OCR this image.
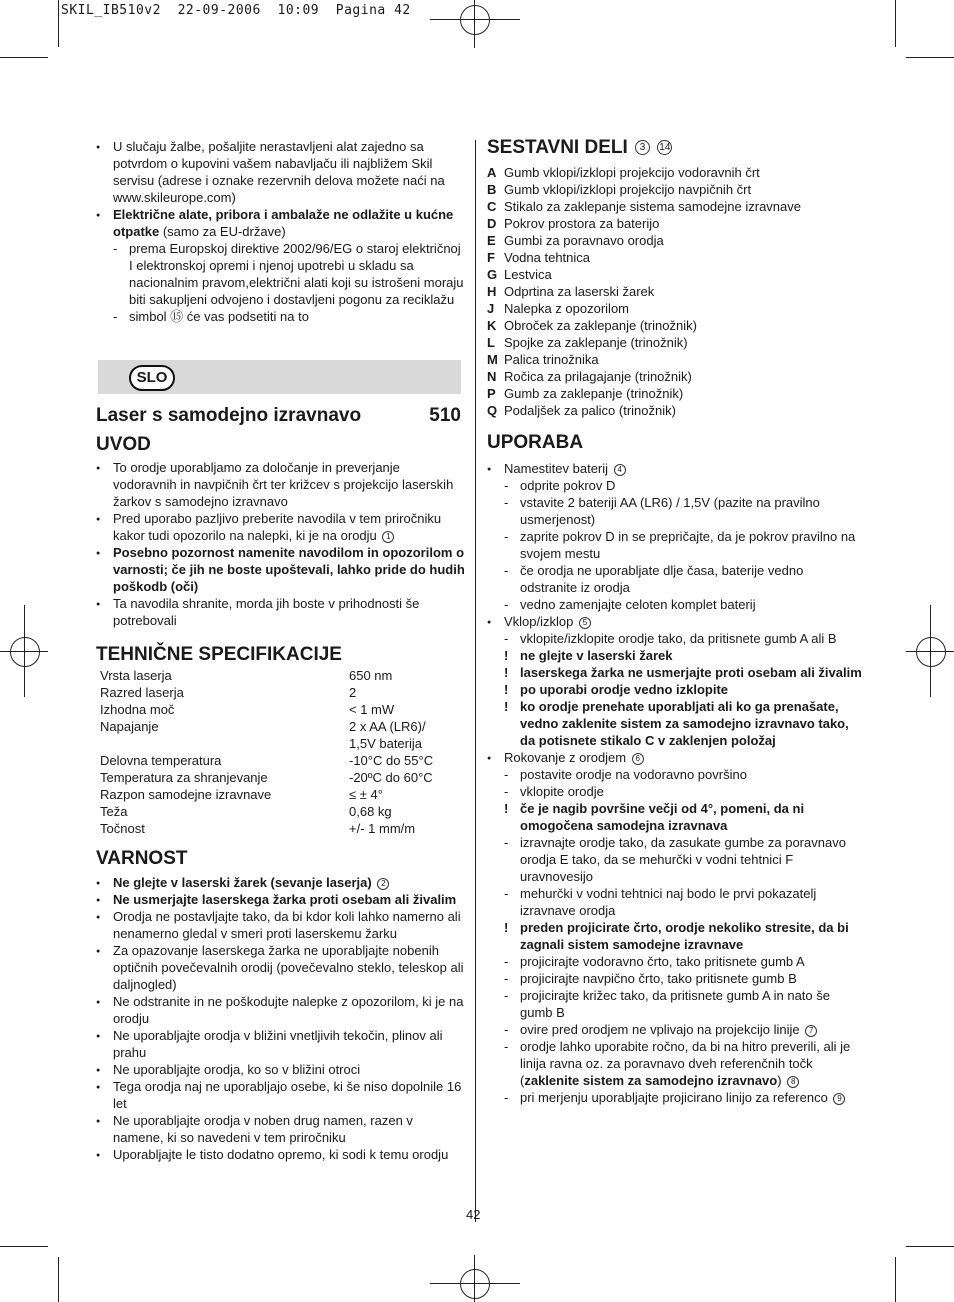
SKIL_IB510v2  22-09-2006  10:09  Pagina 42
● U slučaju žalbe, pošaljite nerastavljeni alat zajedno sa potvrdom o kupovini vašem nabavljaču ili najbližem Skil servisu (adrese i oznake rezervnih delova možete naći na www.skileurope.com)
● Električne alate, pribora i ambalaže ne odlažite u kućne otpatke (samo za EU-države)
- prema Europskoj direktive 2002/96/EG o staroj električnoj I elektronskoj opremi i njenoj upotrebi u skladu sa nacionalnim pravom,električni alati koji su istrošeni moraju biti sakupljeni odvojeno i dostavljeni pogonu za reciklažu
- simbol ⑮ će vas podsetiti na to
SLO
Laser s samodejno izravnavo	510
UVOD
● To orodje uporabljamo za določanje in preverjanje vodoravnih in navpičnih črt ter križcev s projekcijo laserskih žarkov s samodejno izravnavo
● Pred uporabo pazljivo preberite navodila v tem priročniku kakor tudi opozorilo na nalepki, ki je na orodju 1
● Posebno pozornost namenite navodilom in opozorilom o varnosti; če jih ne boste upoštevali, lahko pride do hudih poškodb (oči)
● Ta navodila shranite, morda jih boste v prihodnosti še potrebovali
TEHNIČNE SPECIFIKACIJE
Vrsta laserja	650 nm
Razred laserja	2
Izhodna moč	< 1 mW
Napajanje	2 x AA (LR6)/
1,5V baterija
Delovna temperatura	-10°C do 55°C
Temperatura za shranjevanje	-20ºC do 60°C
Razpon samodejne izravnave	≤ ± 4°
Teža	0,68 kg
Točnost	+/- 1 mm/m
VARNOST
● Ne glejte v laserski žarek (sevanje laserja) 2
● Ne usmerjajte laserskega žarka proti osebam ali živalim
● Orodja ne postavljajte tako, da bi kdor koli lahko namerno ali nenamerno gledal v smeri proti laserskemu žarku
● Za opazovanje laserskega žarka ne uporabljajte nobenih optičnih povečevalnih orodij (povečevalno steklo, teleskop ali daljnogled)
● Ne odstranite in ne poškodujte nalepke z opozorilom, ki je na orodju
● Ne uporabljajte orodja v bližini vnetljivih tekočin, plinov ali prahu
● Ne uporabljajte orodja, ko so v bližini otroci
● Tega orodja naj ne uporabljajo osebe, ki še niso dopolnile 16 let
● Ne uporabljajte orodja v noben drug namen, razen v namene, ki so navedeni v tem priročniku
● Uporabljajte le tisto dodatno opremo, ki sodi k temu orodju
SESTAVNI DELI 3 14
A Gumb vklopi/izklopi projekcijo vodoravnih črt
B Gumb vklopi/izklopi projekcijo navpičnih črt
C Stikalo za zaklepanje sistema samodejne izravnave
D Pokrov prostora za baterijo
E Gumbi za poravnavo orodja
F Vodna tehtnica
G Lestvica
H Odprtina za laserski žarek
J Nalepka z opozorilom
K Obroček za zaklepanje (trinožnik)
L Spojke za zaklepanje (trinožnik)
M Palica trinožnika
N Ročica za prilagajanje (trinožnik)
P Gumb za zaklepanje (trinožnik)
Q Podaljšek za palico (trinožnik)
UPORABA
● Namestitev baterij 4
- odprite pokrov D
- vstavite 2 bateriji AA (LR6) / 1,5V (pazite na pravilno usmerjenost)
- zaprite pokrov D in se prepričajte, da je pokrov pravilno na svojem mestu
- če orodja ne uporabljate dlje časa, baterije vedno odstranite iz orodja
- vedno zamenjajte celoten komplet baterij
● Vklop/izklop 5
- vklopite/izklopite orodje tako, da pritisnete gumb A ali B
! ne glejte v laserski žarek
! laserskega žarka ne usmerjajte proti osebam ali živalim
! po uporabi orodje vedno izklopite
! ko orodje prenehate uporabljati ali ko ga prenašate, vedno zaklenite sistem za samodejno izravnavo tako, da potisnete stikalo C v zaklenjen položaj
● Rokovanje z orodjem 6
- postavite orodje na vodoravno površino
- vklopite orodje
! če je nagib površine večji od 4°, pomeni, da ni omogočena samodejna izravnava
- izravnajte orodje tako, da zasukate gumbe za poravnavo orodja E tako, da se mehurčki v vodni tehtnici F uravnovesijo
- mehurčki v vodni tehtnici naj bodo le prvi pokazatelj izravnave orodja
! preden projicirate črto, orodje nekoliko stresite, da bi zagnali sistem samodejne izravnave
- projicirajte vodoravno črto, tako pritisnete gumb A
- projicirajte navpično črto, tako pritisnete gumb B
- projicirajte križec tako, da pritisnete gumb A in nato še gumb B
- ovire pred orodjem ne vplivajo na projekcijo linije 7
- orodje lahko uporabite ročno, da bi na hitro preverili, ali je linija ravna oz. za poravnavo dveh referenčnih točk (zaklenite sistem za samodejno izravnavo) 8
- pri merjenju uporabljajte projicirano linijo za referenco 9
42
